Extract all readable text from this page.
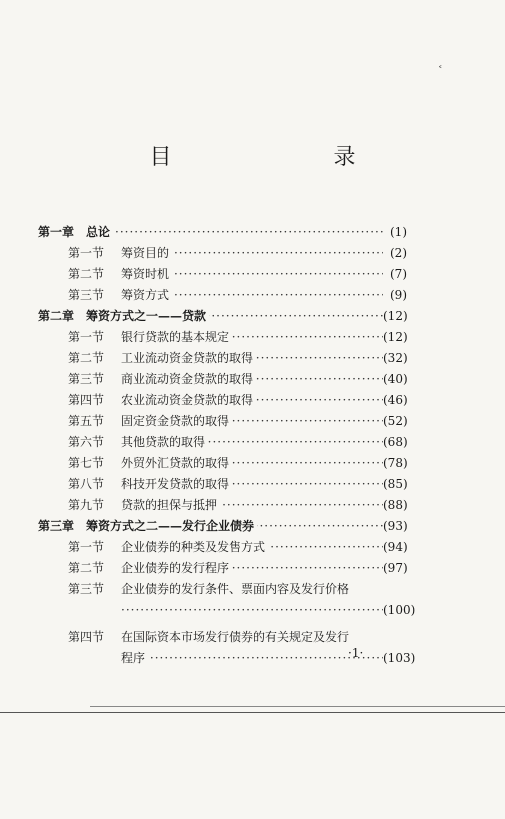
˂
目　录
·····
第一章　总论	(1)
第一节 ····· 筹资目的	(2)
第二节 ····· 筹资时机	(7)
第三节 ····· 筹资方式	(9)
·····
第二章　筹资方式之一——贷款	(12)
第一节 ····· 银行贷款的基本规定	(12)
第二节 ····· 工业流动资金贷款的取得	(32)
第三节 ····· 商业流动资金贷款的取得	(40)
第四节 ····· 农业流动资金贷款的取得	(46)
第五节 ····· 固定资金贷款的取得	(52)
第六节 ····· 其他贷款的取得	(68)
第七节 ····· 外贸外汇贷款的取得	(78)
第八节 ····· 科技开发贷款的取得	(85)
第九节 ····· 贷款的担保与抵押	(88)
·····
第三章　筹资方式之二——发行企业债券	(93)
第一节 ····· 企业债券的种类及发售方式	(94)
第二节 ····· 企业债券的发行程序	(97)
第三节 企业债券的发行条件、票面内容及发行价格
·····
(100)
第四节 在国际资本市场发行债券的有关规定及发行
·····
程序	(103)
·1·
